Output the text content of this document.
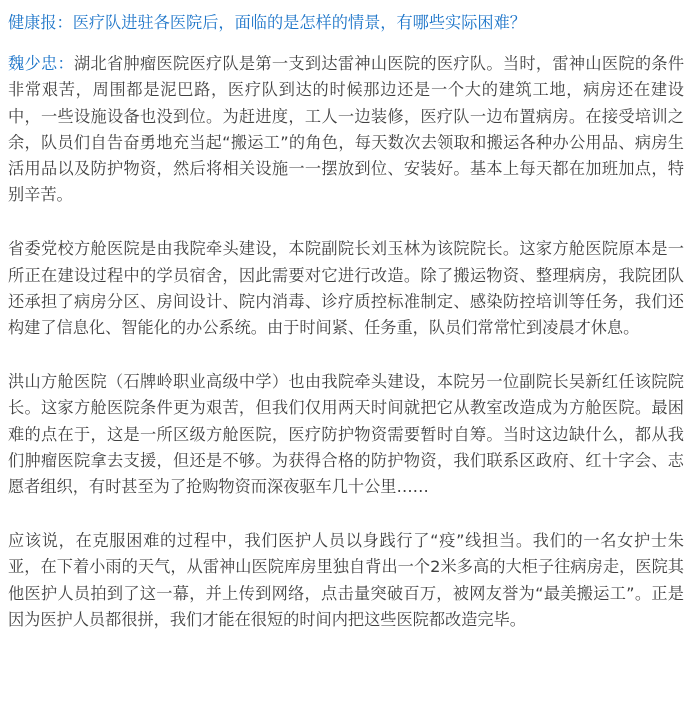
健康报：医疗队进驻各医院后，面临的是怎样的情景，有哪些实际困难？

魏少忠：湖北省肿瘤医院医疗队是第一支到达雷神山医院的医疗队。当时，雷神山医院的条件非常艰苦，周围都是泥巴路，医疗队到达的时候那边还是一个大的建筑工地，病房还在建设中，一些设施设备也没到位。为赶进度，工人一边装修，医疗队一边布置病房。在接受培训之余，队员们自告奋勇地充当起“搬运工”的角色，每天数次去领取和搬运各种办公用品、病房生活用品以及防护物资，然后将相关设施一一摆放到位、安装好。基本上每天都在加班加点，特别辛苦。

省委党校方舱医院是由我院牵头建设，本院副院长刘玉林为该院院长。这家方舱医院原本是一所正在建设过程中的学员宿舍，因此需要对它进行改造。除了搬运物资、整理病房，我院团队还承担了病房分区、房间设计、院内消毒、诊疗质控标准制定、感染防控培训等任务，我们还构建了信息化、智能化的办公系统。由于时间紧、任务重，队员们常常忙到凌晨才休息。

洪山方舱医院（石牌岭职业高级中学）也由我院牵头建设，本院另一位副院长吴新红任该院院长。这家方舱医院条件更为艰苦，但我们仅用两天时间就把它从教室改造成为方舱医院。最困难的点在于，这是一所区级方舱医院，医疗防护物资需要暂时自筹。当时这边缺什么，都从我们肿瘤医院拿去支援，但还是不够。为获得合格的防护物资，我们联系区政府、红十字会、志愿者组织，有时甚至为了抢购物资而深夜驱车几十公里……

应该说，在克服困难的过程中，我们医护人员以身践行了“疫”线担当。我们的一名女护士朱亚，在下着小雨的天气，从雷神山医院库房里独自背出一个2米多高的大柜子往病房走，医院其他医护人员拍到了这一幕，并上传到网络，点击量突破百万，被网友誉为“最美搬运工”。正是因为医护人员都很拼，我们才能在很短的时间内把这些医院都改造完毕。
